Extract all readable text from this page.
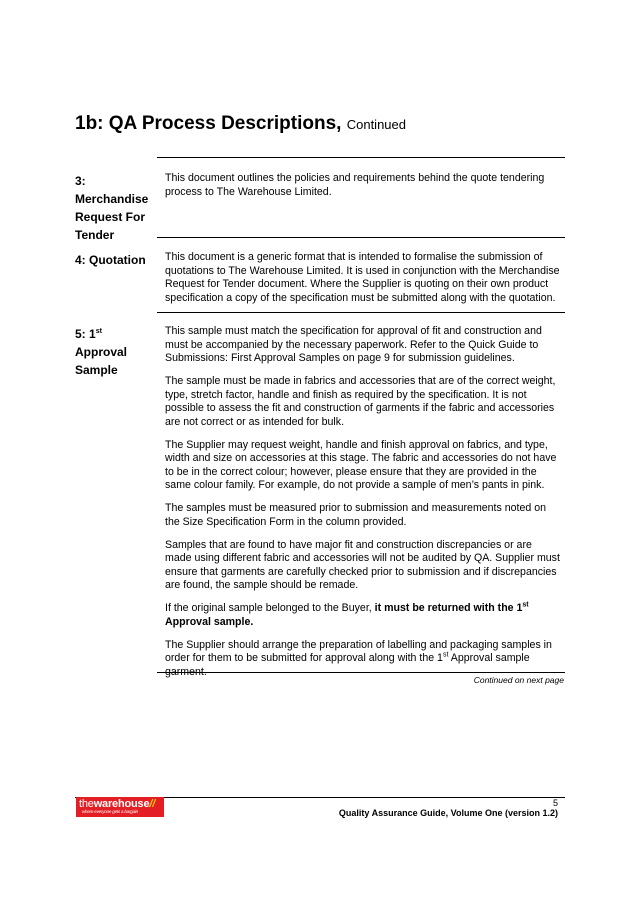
1b: QA Process Descriptions, Continued
3: Merchandise Request For Tender

This document outlines the policies and requirements behind the quote tendering process to The Warehouse Limited.

4: Quotation	This document is a generic format that is intended to formalise the submission of quotations to The Warehouse Limited. It is used in conjunction with the Merchandise Request for Tender document. Where the Supplier is quoting on their own product specification a copy of the specification must be submitted along with the quotation.

5: 1st
Approval Sample

This sample must match the specification for approval of fit and construction and must be accompanied by the necessary paperwork. Refer to the Quick Guide to Submissions: First Approval Samples on page 9 for submission guidelines.

The sample must be made in fabrics and accessories that are of the correct weight, type, stretch factor, handle and finish as required by the specification. It is not possible to assess the fit and construction of garments if the fabric and accessories are not correct or as intended for bulk.

The Supplier may request weight, handle and finish approval on fabrics, and type, width and size on accessories at this stage. The fabric and accessories do not have to be in the correct colour; however, please ensure that they are provided in the same colour family. For example, do not provide a sample of men’s pants in pink.

The samples must be measured prior to submission and measurements noted on the Size Specification Form in the column provided.

Samples that are found to have major fit and construction discrepancies or are made using different fabric and accessories will not be audited by QA. Supplier must ensure that garments are carefully checked prior to submission and if discrepancies are found, the sample should be remade.

If the original sample belonged to the Buyer, it must be returned with the 1st
Approval sample.

The Supplier should arrange the preparation of labelling and packaging samples in order for them to be submitted for approval along with the 1st Approval sample garment.

Continued on next page
thewarehouse//
where everyone gets a bargain
5
Quality Assurance Guide, Volume One (version 1.2)
